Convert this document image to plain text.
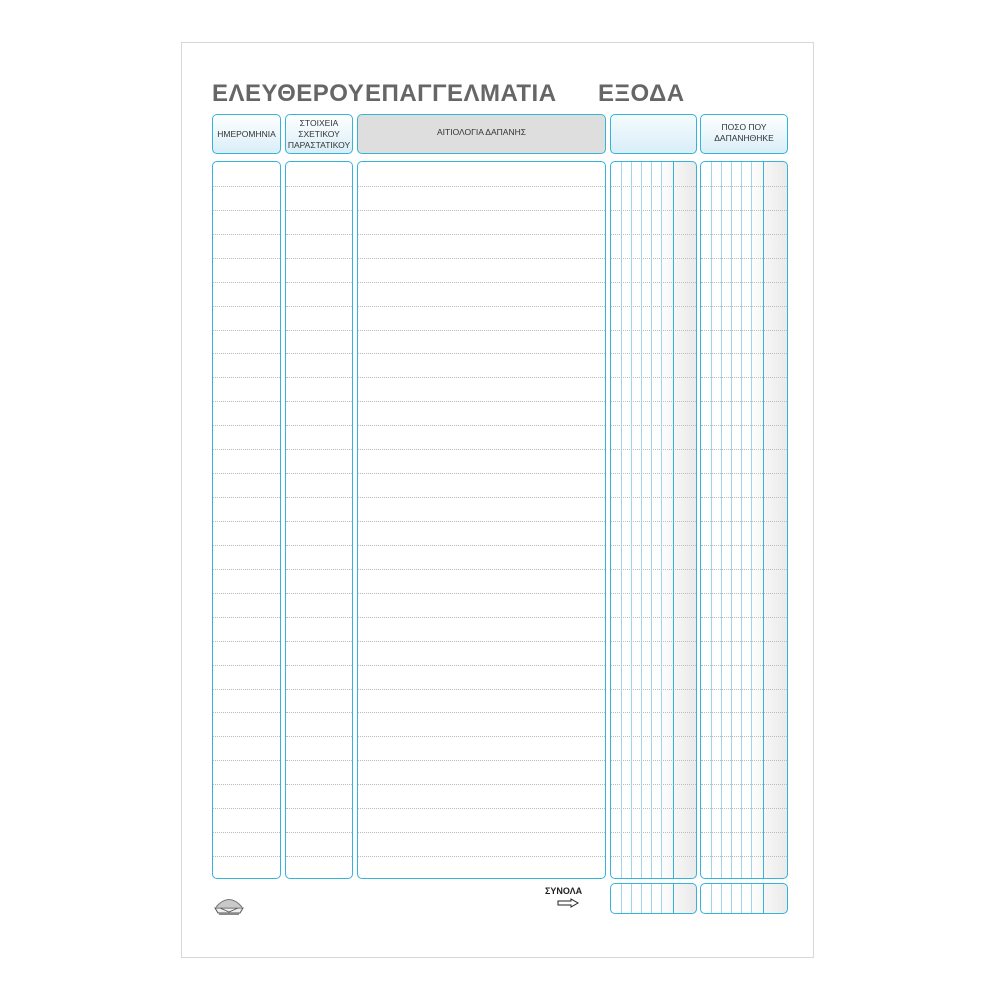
ΕΛΕΥΘΕΡΟΥ ΕΠΑΓΓΕΛΜΑΤΙΑ ΕΞΟΔΑ
ΗΜΕΡΟΜΗΝΙΑ
ΣΤΟΙΧΕΙΑ
ΣΧΕΤΙΚΟΥ
ΠΑΡΑΣΤΑΤΙΚΟΥ
ΑΙΤΙΟΛΟΓΙΑ ΔΑΠΑΝΗΣ	ΠΟΣΟ ΠΟΥ
ΔΑΠΑΝΗΘΗΚΕ
ΣΥΝΟΛΑ
